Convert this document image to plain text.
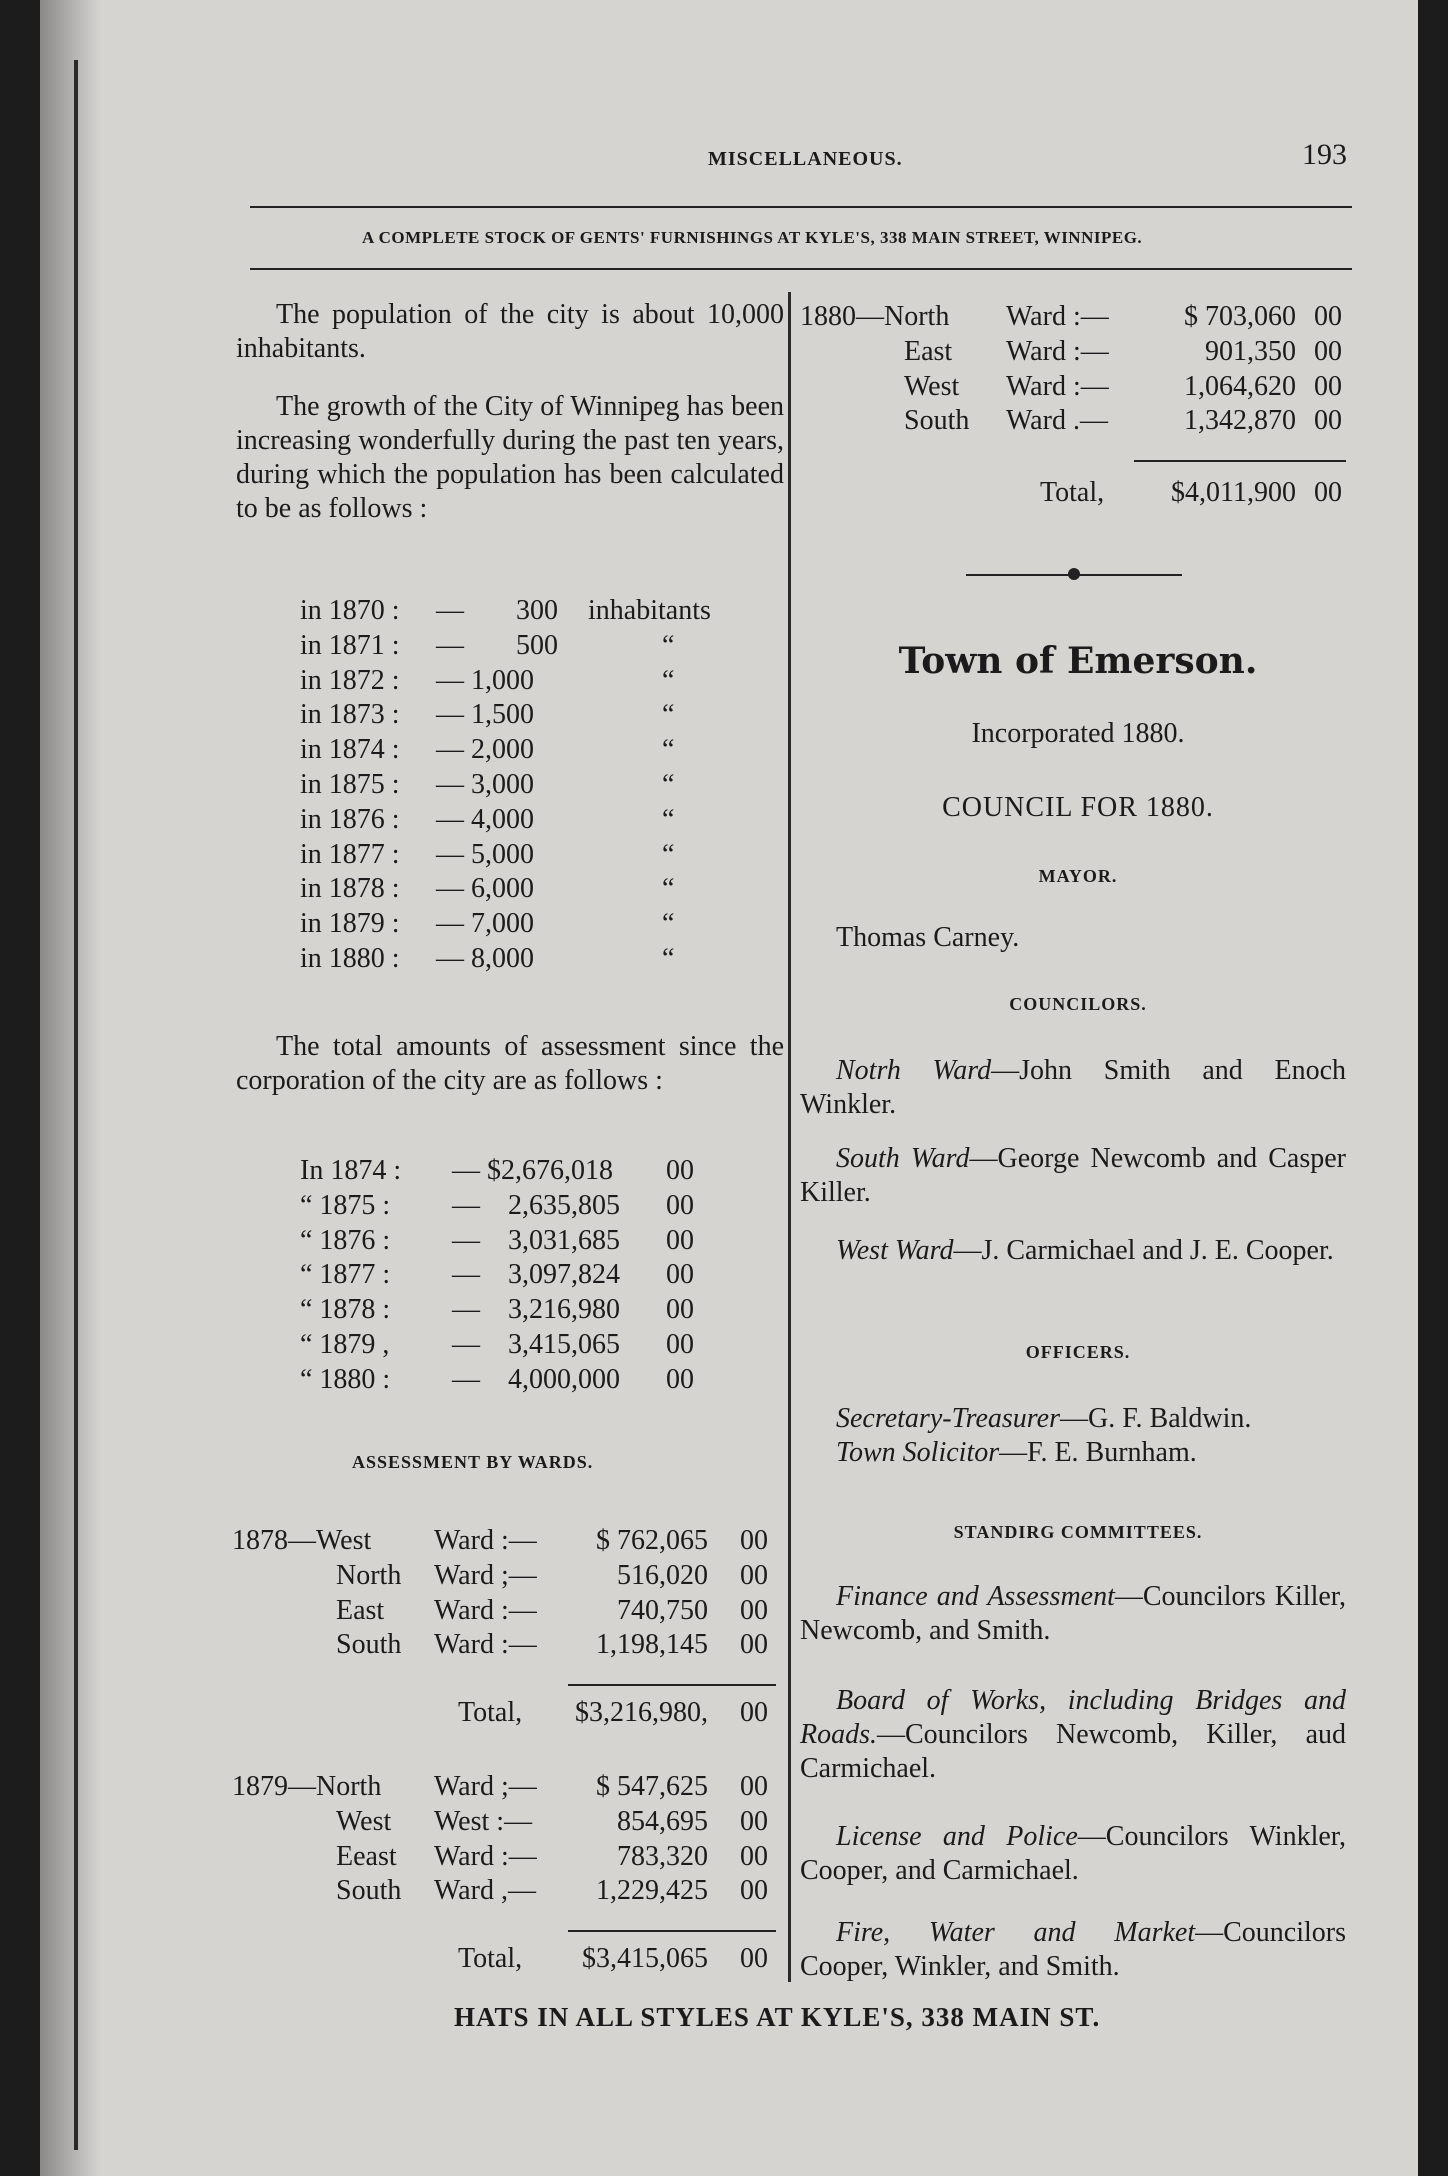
MISCELLANEOUS.	193
A COMPLETE STOCK OF GENTS' FURNISHINGS AT KYLE'S, 338 MAIN STREET, WINNIPEG.
The population of the city is about 10,000 inhabitants.
The growth of the City of Winnipeg has been increasing wonderfully during the past ten years, during which the population has been calculated to be as follows :
in 1870 : — 300 inhabitants
in 1871 : — 500	“
in 1872 : — 1,000	“
in 1873 : — 1,500	“
in 1874 : — 2,000	“
in 1875 : — 3,000	“
in 1876 : — 4,000	“
in 1877 : — 5,000	“
in 1878 : — 6,000	“
in 1879 : — 7,000	“
in 1880 : — 8,000	“
The total amounts of assessment since the corporation of the city are as follows :
In 1874 : — $2,676,018 00
“ 1875 : — 2,635,805 00
“ 1876 : — 3,031,685 00
“ 1877 : — 3,097,824 00
“ 1878 : — 3,216,980 00
“ 1879 , — 3,415,065 00
“ 1880 : — 4,000,000 00
ASSESSMENT BY WARDS.
1878—West Ward :— $ 762,065 00
North Ward ;—	516,020 00
East Ward :—	740,750 00
South Ward :— 1,198,145 00
Total, $3,216,980, 00
1879—North Ward ;— $ 547,625 00
West West :—	854,695 00
Eeast Ward :—	783,320 00
South Ward ,— 1,229,425 00
Total, $3,415,065 00
1880—North Ward :—	$ 703,060 00
East Ward :—	901,350 00
West Ward :—	1,064,620 00
South Ward .—	1,342,870 00
Total, $4,011,900 00
Town of Emerson.
Incorporated 1880.
COUNCIL FOR 1880.
MAYOR.
Thomas Carney.
COUNCILORS.
Notrh Ward—John Smith and Enoch Winkler.
South Ward—George Newcomb and Casper Killer.
West Ward—J. Carmichael and J. E. Cooper.
OFFICERS.
Secretary-Treasurer—G. F. Baldwin.
Town Solicitor—F. E. Burnham.
STANDIRG COMMITTEES.
Finance and Assessment—Councilors Killer, Newcomb, and Smith.
Board of Works, including Bridges and Roads.—Councilors Newcomb, Killer, aud Carmichael.
License and Police—Councilors Winkler, Cooper, and Carmichael.
Fire, Water and Market—Councilors Cooper, Winkler, and Smith.
HATS IN ALL STYLES AT KYLE'S, 338 MAIN ST.
